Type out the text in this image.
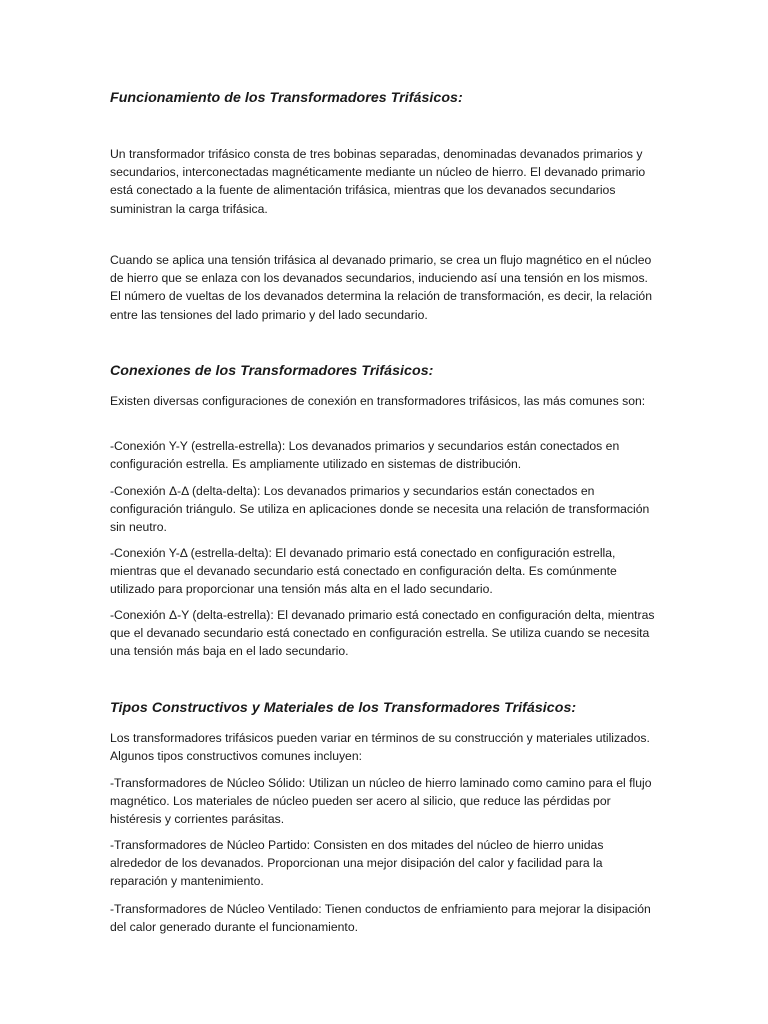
Funcionamiento de los Transformadores Trifásicos:

Un transformador trifásico consta de tres bobinas separadas, denominadas devanados primarios y secundarios, interconectadas magnéticamente mediante un núcleo de hierro. El devanado primario está conectado a la fuente de alimentación trifásica, mientras que los devanados secundarios suministran la carga trifásica.

Cuando se aplica una tensión trifásica al devanado primario, se crea un flujo magnético en el núcleo de hierro que se enlaza con los devanados secundarios, induciendo así una tensión en los mismos. El número de vueltas de los devanados determina la relación de transformación, es decir, la relación entre las tensiones del lado primario y del lado secundario.

Conexiones de los Transformadores Trifásicos:

Existen diversas configuraciones de conexión en transformadores trifásicos, las más comunes son:

-Conexión Y-Y (estrella-estrella): Los devanados primarios y secundarios están conectados en configuración estrella. Es ampliamente utilizado en sistemas de distribución.

-Conexión Δ-Δ (delta-delta): Los devanados primarios y secundarios están conectados en configuración triángulo. Se utiliza en aplicaciones donde se necesita una relación de transformación sin neutro.

-Conexión Y-Δ (estrella-delta): El devanado primario está conectado en configuración estrella, mientras que el devanado secundario está conectado en configuración delta. Es comúnmente utilizado para proporcionar una tensión más alta en el lado secundario.

-Conexión Δ-Y (delta-estrella): El devanado primario está conectado en configuración delta, mientras que el devanado secundario está conectado en configuración estrella. Se utiliza cuando se necesita una tensión más baja en el lado secundario.

Tipos Constructivos y Materiales de los Transformadores Trifásicos:

Los transformadores trifásicos pueden variar en términos de su construcción y materiales utilizados. Algunos tipos constructivos comunes incluyen:

-Transformadores de Núcleo Sólido: Utilizan un núcleo de hierro laminado como camino para el flujo magnético. Los materiales de núcleo pueden ser acero al silicio, que reduce las pérdidas por histéresis y corrientes parásitas.

-Transformadores de Núcleo Partido: Consisten en dos mitades del núcleo de hierro unidas alrededor de los devanados. Proporcionan una mejor disipación del calor y facilidad para la reparación y mantenimiento.

-Transformadores de Núcleo Ventilado: Tienen conductos de enfriamiento para mejorar la disipación del calor generado durante el funcionamiento.
